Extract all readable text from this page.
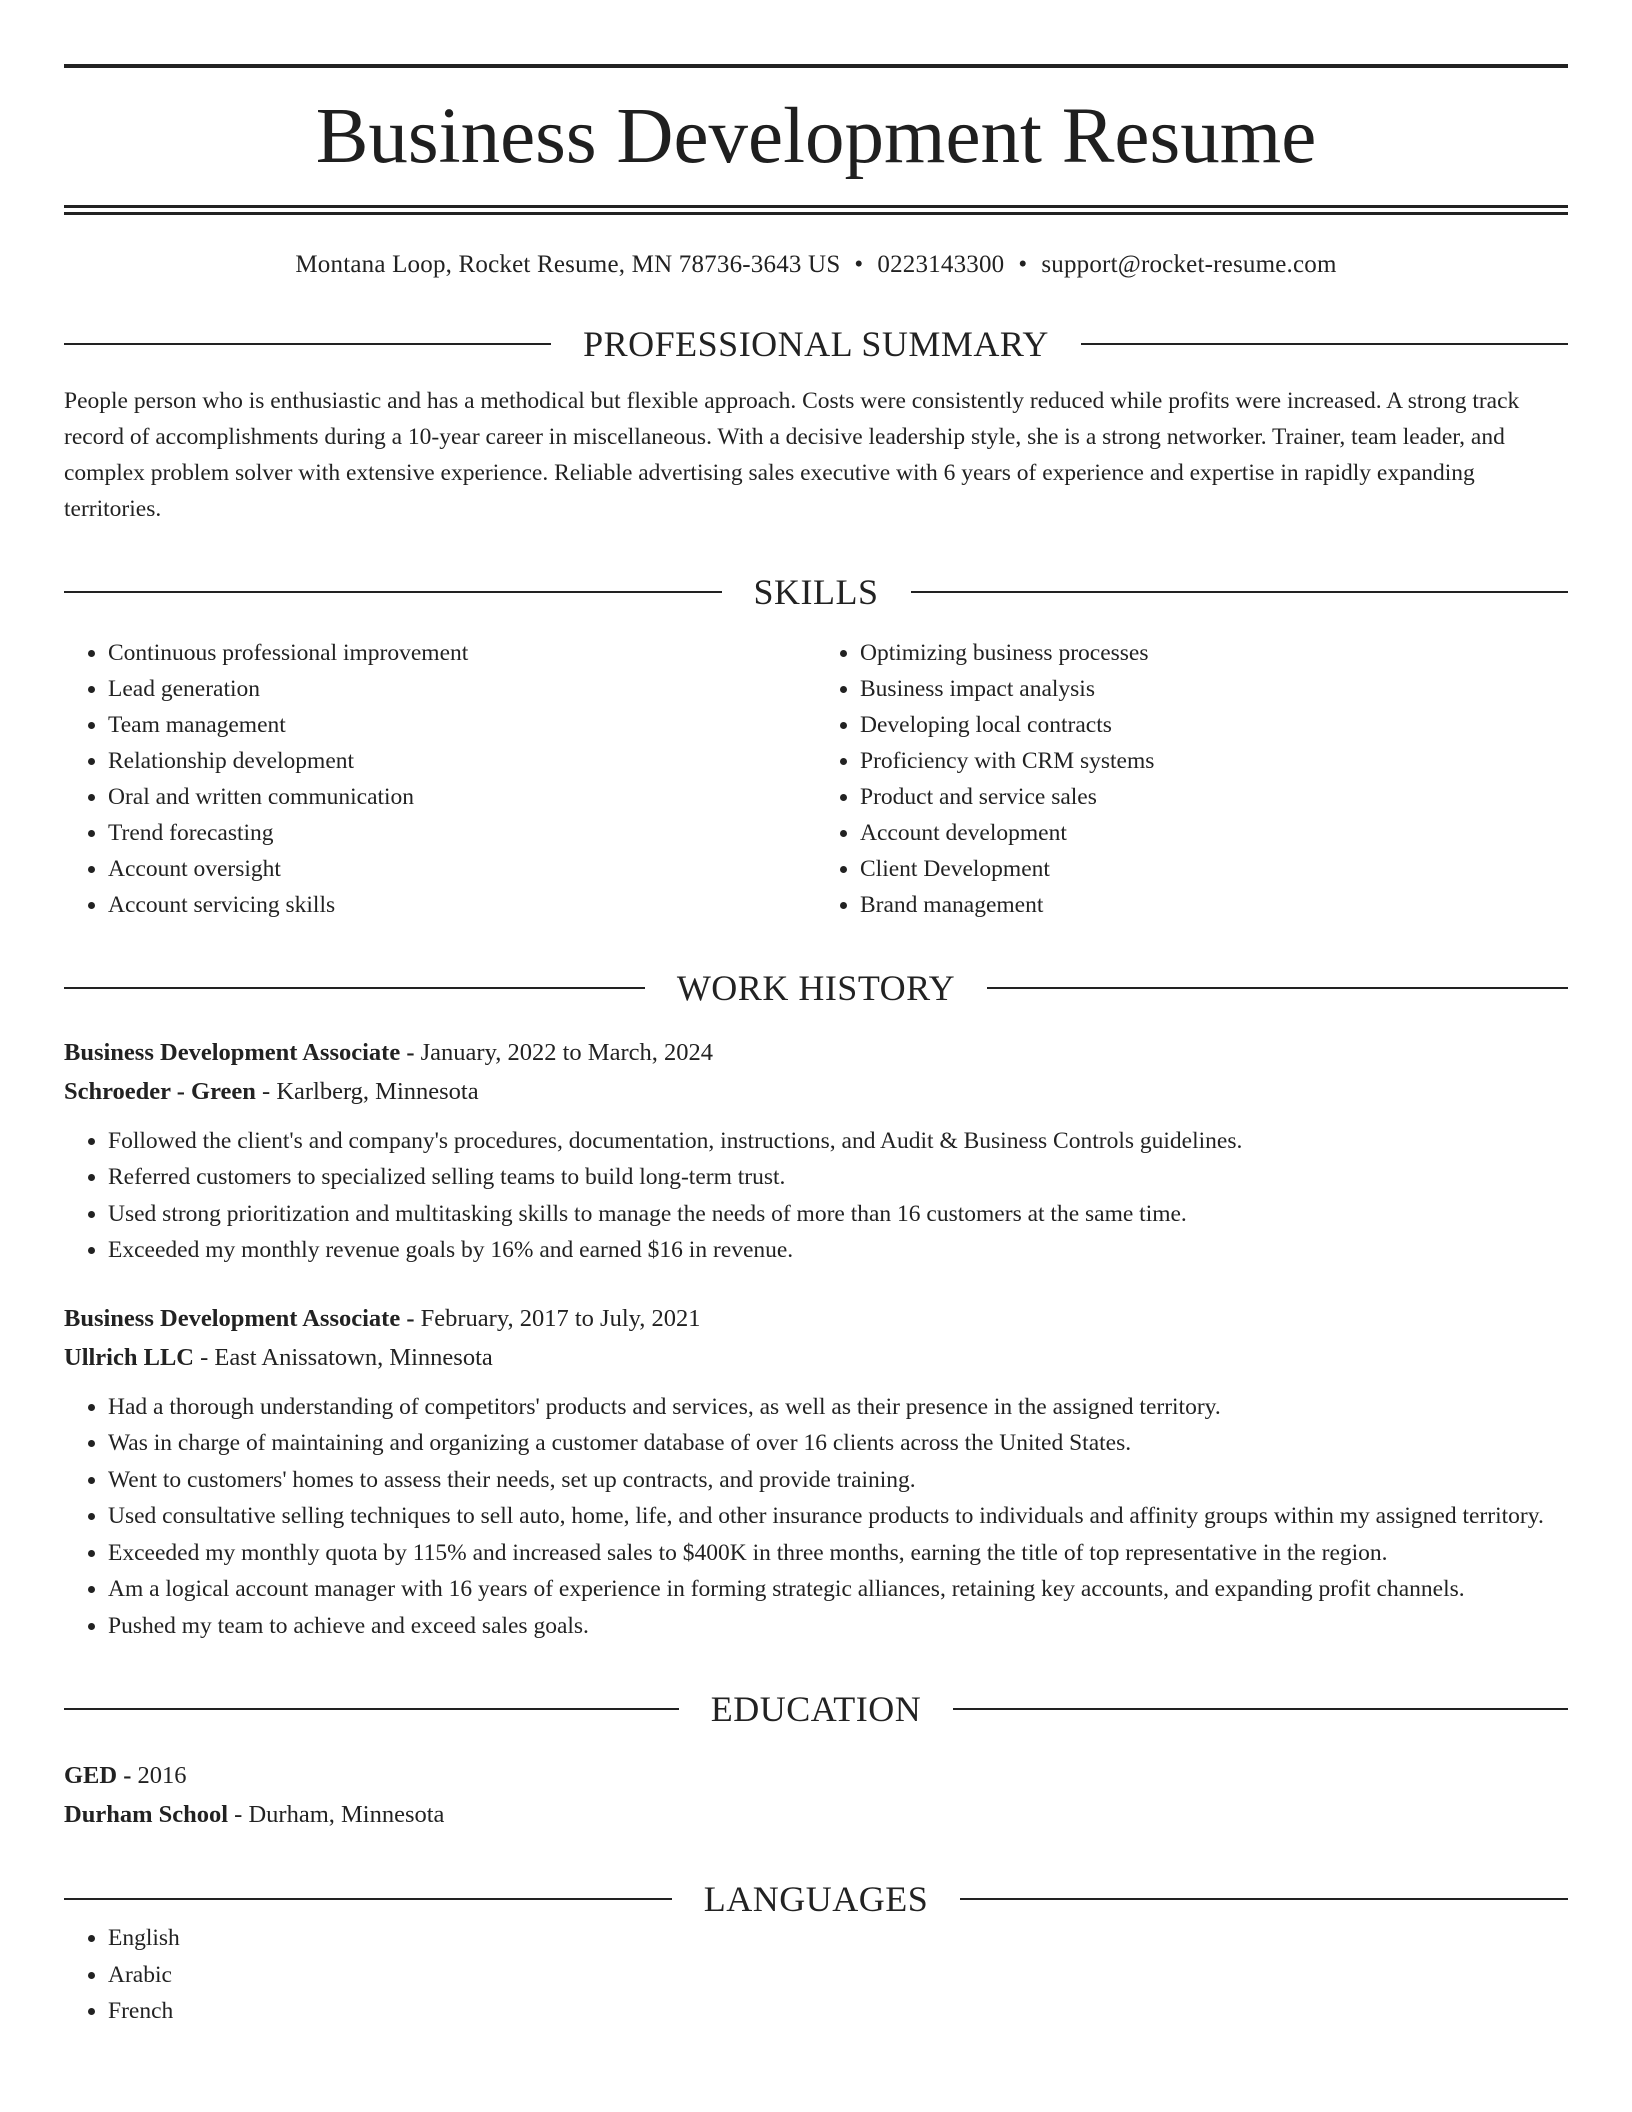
Business Development Resume
Montana Loop, Rocket Resume, MN 78736-3643 US • 0223143300 • support@rocket-resume.com
PROFESSIONAL SUMMARY
People person who is enthusiastic and has a methodical but flexible approach. Costs were consistently reduced while profits were increased. A strong track record of accomplishments during a 10-year career in miscellaneous. With a decisive leadership style, she is a strong networker. Trainer, team leader, and complex problem solver with extensive experience. Reliable advertising sales executive with 6 years of experience and expertise in rapidly expanding territories.
SKILLS
• Continuous professional improvement
• Lead generation
• Team management
• Relationship development
• Oral and written communication
• Trend forecasting
• Account oversight
• Account servicing skills
• Optimizing business processes
• Business impact analysis
• Developing local contracts
• Proficiency with CRM systems
• Product and service sales
• Account development
• Client Development
• Brand management
WORK HISTORY
Business Development Associate - January, 2022 to March, 2024
Schroeder - Green - Karlberg, Minnesota
• Followed the client's and company's procedures, documentation, instructions, and Audit & Business Controls guidelines.
• Referred customers to specialized selling teams to build long-term trust.
• Used strong prioritization and multitasking skills to manage the needs of more than 16 customers at the same time.
• Exceeded my monthly revenue goals by 16% and earned $16 in revenue.
Business Development Associate - February, 2017 to July, 2021
Ullrich LLC - East Anissatown, Minnesota
• Had a thorough understanding of competitors' products and services, as well as their presence in the assigned territory.
• Was in charge of maintaining and organizing a customer database of over 16 clients across the United States.
• Went to customers' homes to assess their needs, set up contracts, and provide training.
• Used consultative selling techniques to sell auto, home, life, and other insurance products to individuals and affinity groups within my assigned territory.
• Exceeded my monthly quota by 115% and increased sales to $400K in three months, earning the title of top representative in the region.
• Am a logical account manager with 16 years of experience in forming strategic alliances, retaining key accounts, and expanding profit channels.
• Pushed my team to achieve and exceed sales goals.
EDUCATION
GED - 2016
Durham School - Durham, Minnesota
LANGUAGES
• English
• Arabic
• French
